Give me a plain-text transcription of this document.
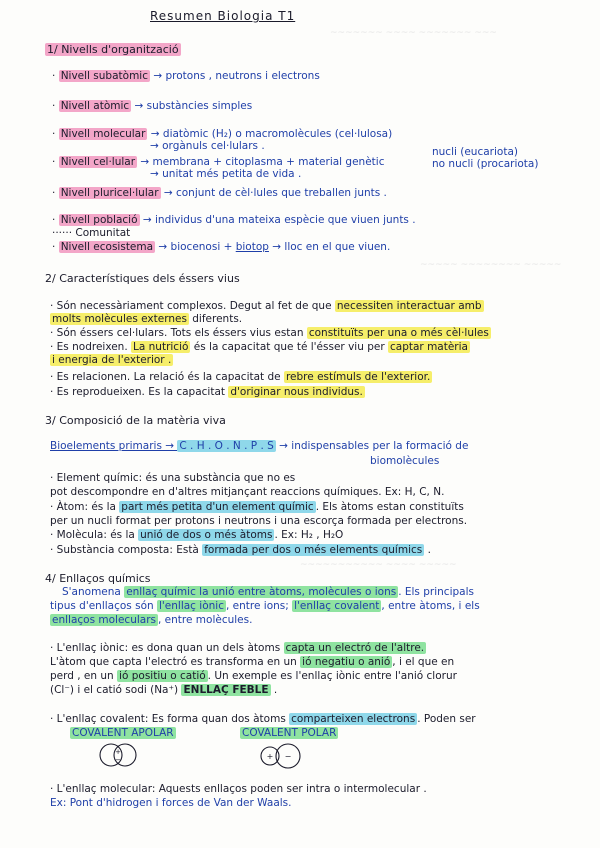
~~~~~~~ ~~~~ ~~~~~~~ ~~~
~~~~~ ~~~~~~~~ ~~~~~
~~~~~~~~~~~ ~~~~ ~~~~~
Resumen Biologia T1
1/ Nivells d'organització
· Nivell subatòmic → protons , neutrons i electrons
· Nivell atòmic → substàncies simples
· Nivell molecular → diatòmic (H₂) o macromolècules (cel·lulosa)
→ orgànuls cel·lulars .
· Nivell cel·lular → membrana + citoplasma + material genètic
nucli (eucariota)
no nucli (procariota)
→ unitat més petita de vida .
· Nivell pluricel·lular → conjunt de cèl·lules que treballen junts .
· Nivell població → individus d'una mateixa espècie que viuen junts .
······ Comunitat
· Nivell ecosistema → biocenosi + biotop → lloc en el que viuen.
2/ Característiques dels éssers vius
· Són necessàriament complexos. Degut al fet de que necessiten interactuar amb
molts molècules externes diferents.
· Són éssers cel·lulars. Tots els éssers vius estan constituïts per una o més cèl·lules
· Es nodreixen. La nutrició és la capacitat que té l'ésser viu per captar matèria
i energia de l'exterior .
· Es relacionen. La relació és la capacitat de rebre estímuls de l'exterior.
· Es reprodueixen. Es la capacitat d'originar nous individus.
3/ Composició de la matèria viva
Bioelements primaris → C . H . O . N . P . S → indispensables per la formació de
biomolècules
· Element químic: és una substància que no es
pot descompondre en d'altres mitjançant reaccions químiques. Ex: H, C, N.
· Àtom: és la part més petita d'un element químic . Els àtoms estan constituïts
per un nucli format per protons i neutrons i una escorça formada per electrons.
· Molècula: és la unió de dos o més àtoms . Ex: H₂ , H₂O
· Substància composta: Està formada per dos o més elements químics .
4/ Enllaços químics
S'anomena enllaç químic la unió entre àtoms, molècules o ions . Els principals
tipus d'enllaços són l'enllaç iònic , entre ions; l'enllaç covalent , entre àtoms, i els
enllaços moleculars , entre molècules.
· L'enllaç iònic: es dona quan un dels àtoms capta un electró de l'altre.
L'àtom que capta l'electró es transforma en un ió negatiu o anió , i el que en
perd , en un ió positiu o catió . Un exemple es l'enllaç iònic entre l'anió clorur
(Cl⁻) i el catió sodi (Na⁺) ENLLAÇ FEBLE .
· L'enllaç covalent: Es forma quan dos àtoms comparteixen electrons . Poden ser
COVALENT APOLAR	COVALENT POLAR
+
−	+ −
· L'enllaç molecular: Aquests enllaços poden ser intra o intermolecular .
Ex: Pont d'hidrogen i forces de Van der Waals.
